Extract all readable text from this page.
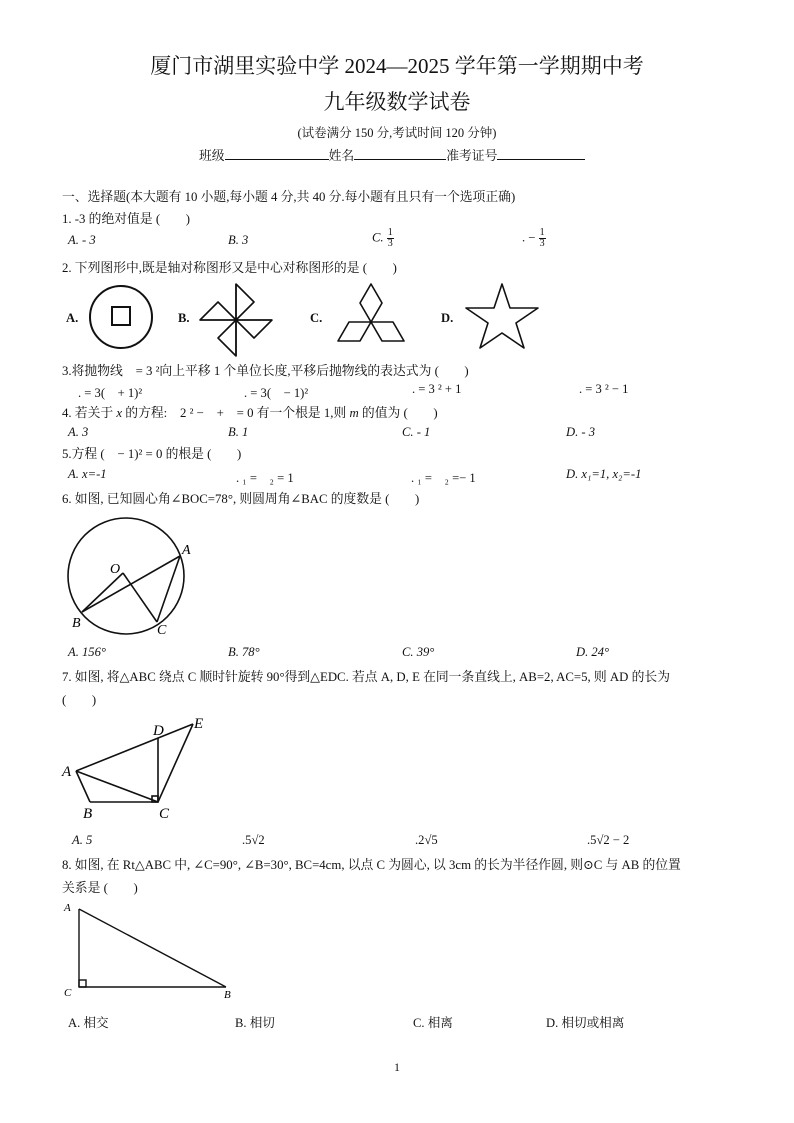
厦门市湖里实验中学 2024—2025 学年第一学期期中考
九年级数学试卷
(试卷满分 150 分,考试时间 120 分钟)
班级	姓名	准考证号
一、选择题(本大题有 10 小题,每小题 4 分,共 40 分.每小题有且只有一个选项正确)
1. -3 的绝对值是 (　　)
A. - 3	B. 3	C. $\frac{1}{3}$	. − $\frac{1}{3}$
2. 下列图形中,既是轴对称图形又是中心对称图形的是 (　　)
A.	B.	C.	D.
3.将抛物线　= 3 ²向上平移 1 个单位长度,平移后抛物线的表达式为 (　　)
. = 3(　+ 1)²	. = 3(　− 1)²	. = 3 ² + 1	. = 3 ² − 1
4. 若关于 x 的方程:　2 ² −　+　= 0 有一个根是 1,则 m 的值为 (　　)
A. 3	B. 1	C. - 1	D. - 3
5.方程 (　− 1)² = 0 的根是 (　　)
A. x=-1	. ₁ =　₂ = 1	. ₁ =　₂ =− 1	D. x₁=1, x₂=-1
6. 如图, 已知圆心角∠BOC=78°, 则圆周角∠BAC 的度数是 (　　)
O
A
B	C
A. 156°	B. 78°	C. 39°	D. 24°
7. 如图, 将△ABC 绕点 C 顺时针旋转 90°得到△EDC. 若点 A, D, E 在同一条直线上, AB=2, AC=5, 则 AD 的长为
(　　)
A
B	C
D E
A. 5	.5√2	.2√5	.5√2 − 2
8. 如图, 在 Rt△ABC 中, ∠C=90°, ∠B=30°, BC=4cm, 以点 C 为圆心, 以 3cm 的长为半径作圆, 则⊙C 与 AB 的位置
关系是 (　　)
A
C	B
A. 相交	B. 相切	C. 相离	D. 相切或相离
1
